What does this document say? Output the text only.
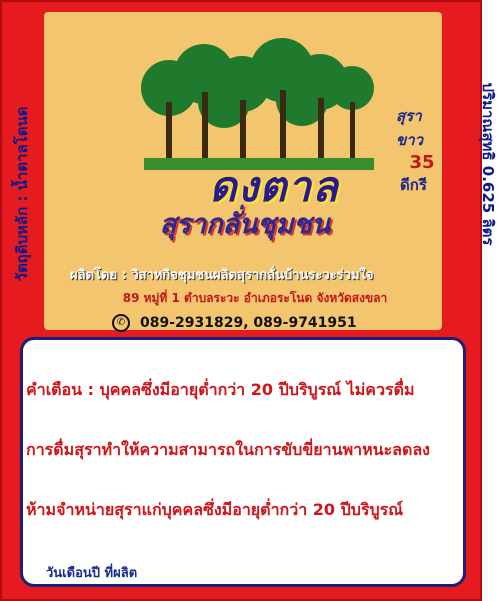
สุราขาว
35
ดีกรี
ดงตาล
สุรากลั่นชุมชน
ผลิตโดย : วิสาหกิจชุมชนผลิตสุรากลั่นบ้านระวะร่วมใจ
89 หมู่ที่ 1 ตำบลระวะ อำเภอระโนด จังหวัดสงขลา
✆ 089-2931829, 089-9741951
วัตถุดิบหลัก : น้ำตาลโตนด	ปริมาณสุทธิ 0.625 ลิตร
คำเตือน : บุคคลซึ่งมีอายุต่ำกว่า 20 ปีบริบูรณ์ ไม่ควรดื่ม
การดื่มสุราทำให้ความสามารถในการขับขี่ยานพาหนะลดลง
ห้ามจำหน่ายสุราแก่บุคคลซึ่งมีอายุต่ำกว่า 20 ปีบริบูรณ์
วันเดือนปี ที่ผลิต
